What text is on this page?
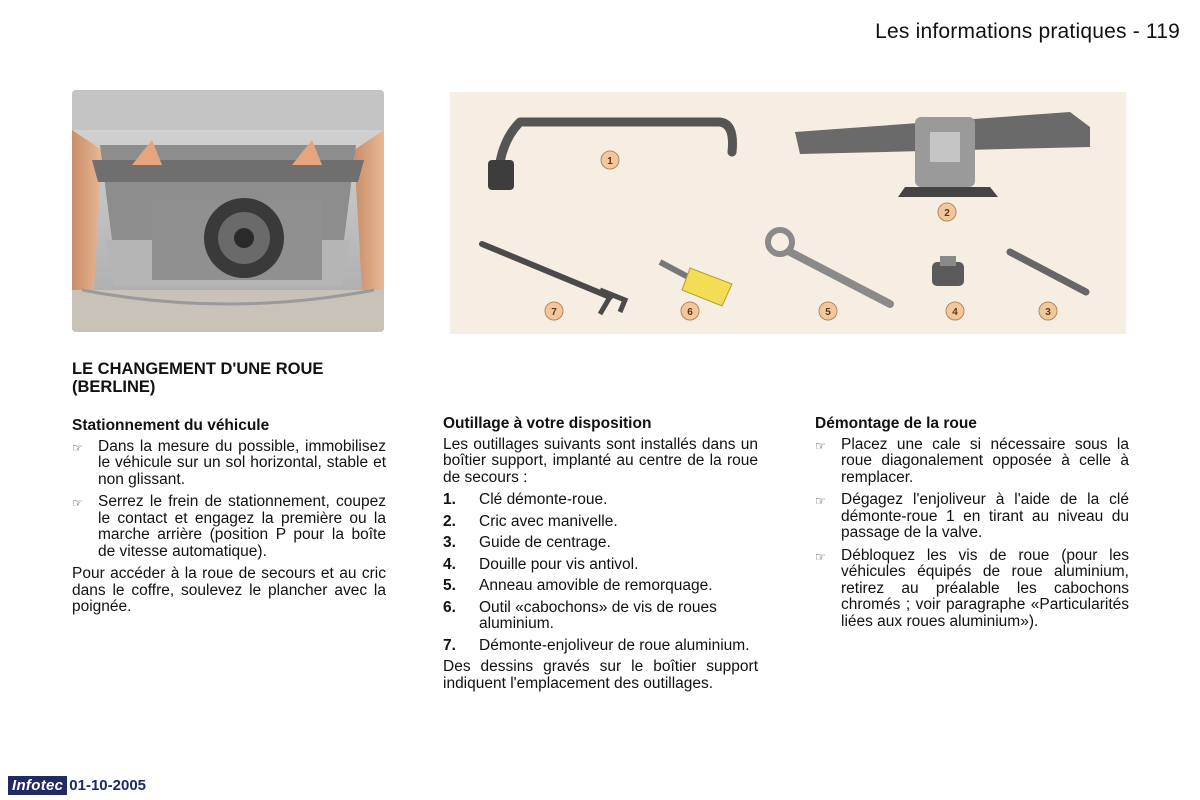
Les informations pratiques - 119
1
2
3
4
5
6
7
LE CHANGEMENT D'UNE ROUE (BERLINE)
Stationnement du véhicule
☞ Dans la mesure du possible, immobilisez le véhicule sur un sol horizontal, stable et non glissant.
☞ Serrez le frein de stationnement, coupez le contact et engagez la première ou la marche arrière (position P pour la boîte de vitesse automatique).

Pour accéder à la roue de secours et au cric dans le coffre, soulevez le plancher avec la poignée.

Outillage à votre disposition

Les outillages suivants sont installés dans un boîtier support, implanté au centre de la roue de secours :

1.	Clé démonte-roue.
2.	Cric avec manivelle.
3.	Guide de centrage.
4.	Douille pour vis antivol.
5.	Anneau amovible de remorquage.
6.	Outil «cabochons» de vis de roues aluminium.
7.	Démonte-enjoliveur de roue aluminium.

Des dessins gravés sur le boîtier support indiquent l'emplacement des outillages.

Démontage de la roue
☞ Placez une cale si nécessaire sous la roue diagonalement opposée à celle à remplacer.
☞ Dégagez l'enjoliveur à l'aide de la clé démonte-roue 1 en tirant au niveau du passage de la valve.
☞ Débloquez les vis de roue (pour les véhicules équipés de roue aluminium, retirez au préalable les cabochons chromés ; voir paragraphe «Particularités liées aux roues aluminium»).
Infotec 01-10-2005
